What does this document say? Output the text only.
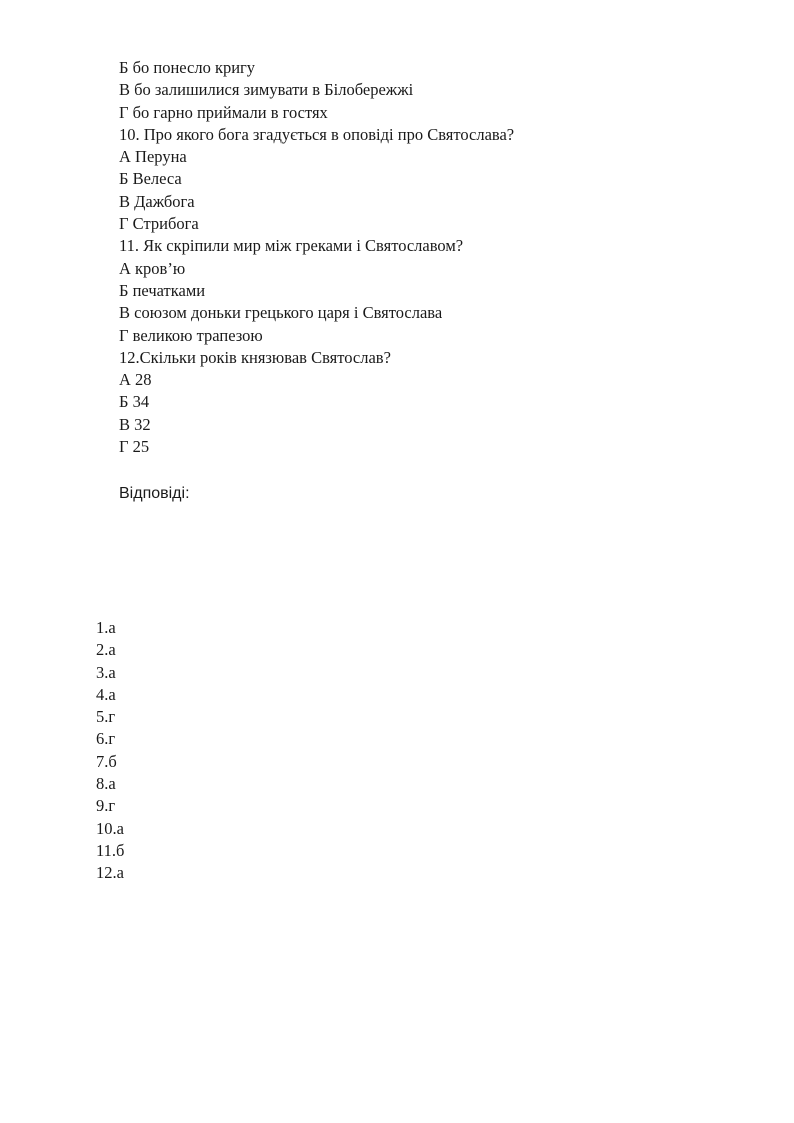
Б бо понесло кригу
В бо залишилися зимувати в Білобережжі
Г бо гарно приймали в гостях
10. Про якого бога згадується в оповіді про Святослава?
А Перуна
Б Велеса
В Дажбога
Г Стрибога
11. Як скріпили мир між греками і Святославом?
А кров’ю
Б печатками
В союзом доньки грецького царя і Святослава
Г великою трапезою
12.Скільки років князював Святослав?
А 28
Б 34
В 32
Г 25
Відповіді:
1.а
2.а
3.а
4.а
5.г
6.г
7.б
8.а
9.г
10.а
11.б
12.а
